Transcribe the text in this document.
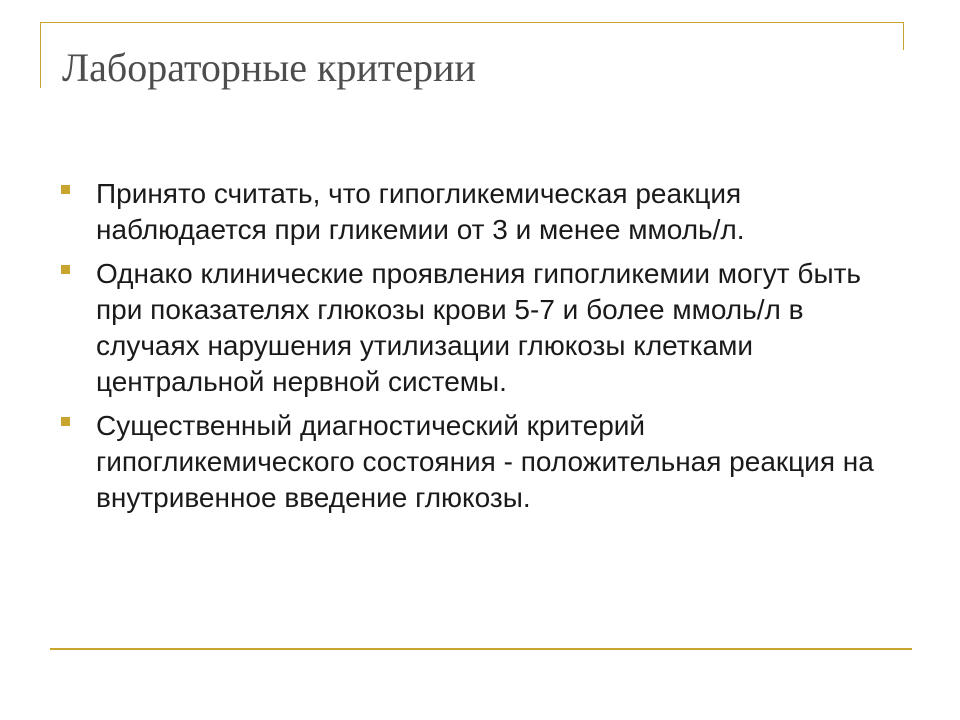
Лабораторные критерии
Принято считать, что гипогликемическая реакция наблюдается при гликемии от 3 и менее ммоль/л.
Однако клинические проявления гипогликемии могут быть при показателях глюкозы крови 5-7 и более ммоль/л в случаях нарушения утилизации глюкозы клетками центральной нервной системы.
Существенный диагностический критерий гипогликемического состояния - положительная реакция на внутривенное введение глюкозы.
